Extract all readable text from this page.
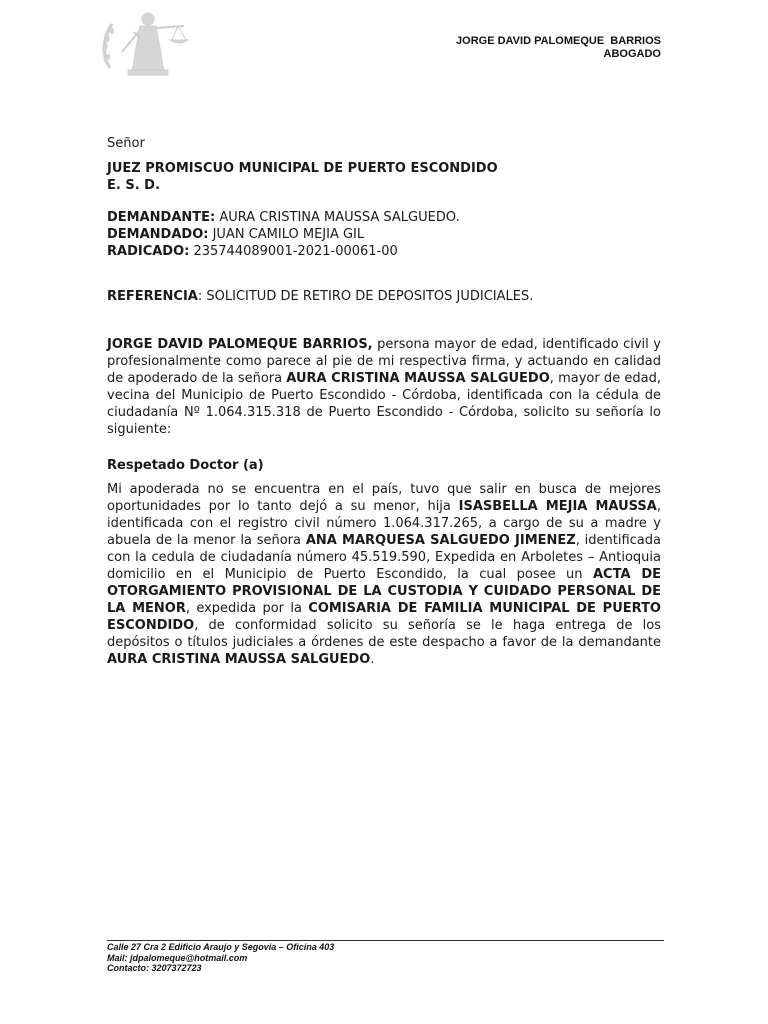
JORGE DAVID PALOMEQUE  BARRIOS
ABOGADO

Señor

JUEZ PROMISCUO MUNICIPAL DE PUERTO ESCONDIDO

E. S. D.

DEMANDANTE: AURA CRISTINA MAUSSA SALGUEDO.

DEMANDADO: JUAN CAMILO MEJIA GIL

RADICADO: 235744089001-2021-00061-00

REFERENCIA: SOLICITUD DE RETIRO DE DEPOSITOS JUDICIALES.

JORGE DAVID PALOMEQUE BARRIOS, persona mayor de edad, identificado civil y profesionalmente como parece al pie de mi respectiva firma, y actuando en calidad de apoderado de la señora AURA CRISTINA MAUSSA SALGUEDO, mayor de edad, vecina del Municipio de Puerto Escondido - Córdoba, identificada con la cédula de ciudadanía Nº 1.064.315.318 de Puerto Escondido - Córdoba, solicito su señoría lo siguiente:

Respetado Doctor (a)

Mi apoderada no se encuentra en el país, tuvo que salir en busca de mejores oportunidades por lo tanto dejó a su menor, hija ISASBELLA MEJIA MAUSSA, identificada con el registro civil número 1.064.317.265, a cargo de su a madre y abuela de la menor la señora ANA MARQUESA SALGUEDO JIMENEZ, identificada con la cedula de ciudadanía número 45.519.590, Expedida en Arboletes – Antioquia domicilio en el Municipio de Puerto Escondido, la cual posee un ACTA DE OTORGAMIENTO PROVISIONAL DE LA CUSTODIA Y CUIDADO PERSONAL DE LA MENOR, expedida por la COMISARIA DE FAMILIA MUNICIPAL DE PUERTO ESCONDIDO, de conformidad solicito su señoría se le haga entrega de los depósitos o títulos judiciales a órdenes de este despacho a favor de la demandante AURA CRISTINA MAUSSA SALGUEDO.

Calle 27 Cra 2 Edificio Araujo y Segovia – Oficina 403
Mail: jdpalomeque@hotmail.com
Contacto: 3207372723
